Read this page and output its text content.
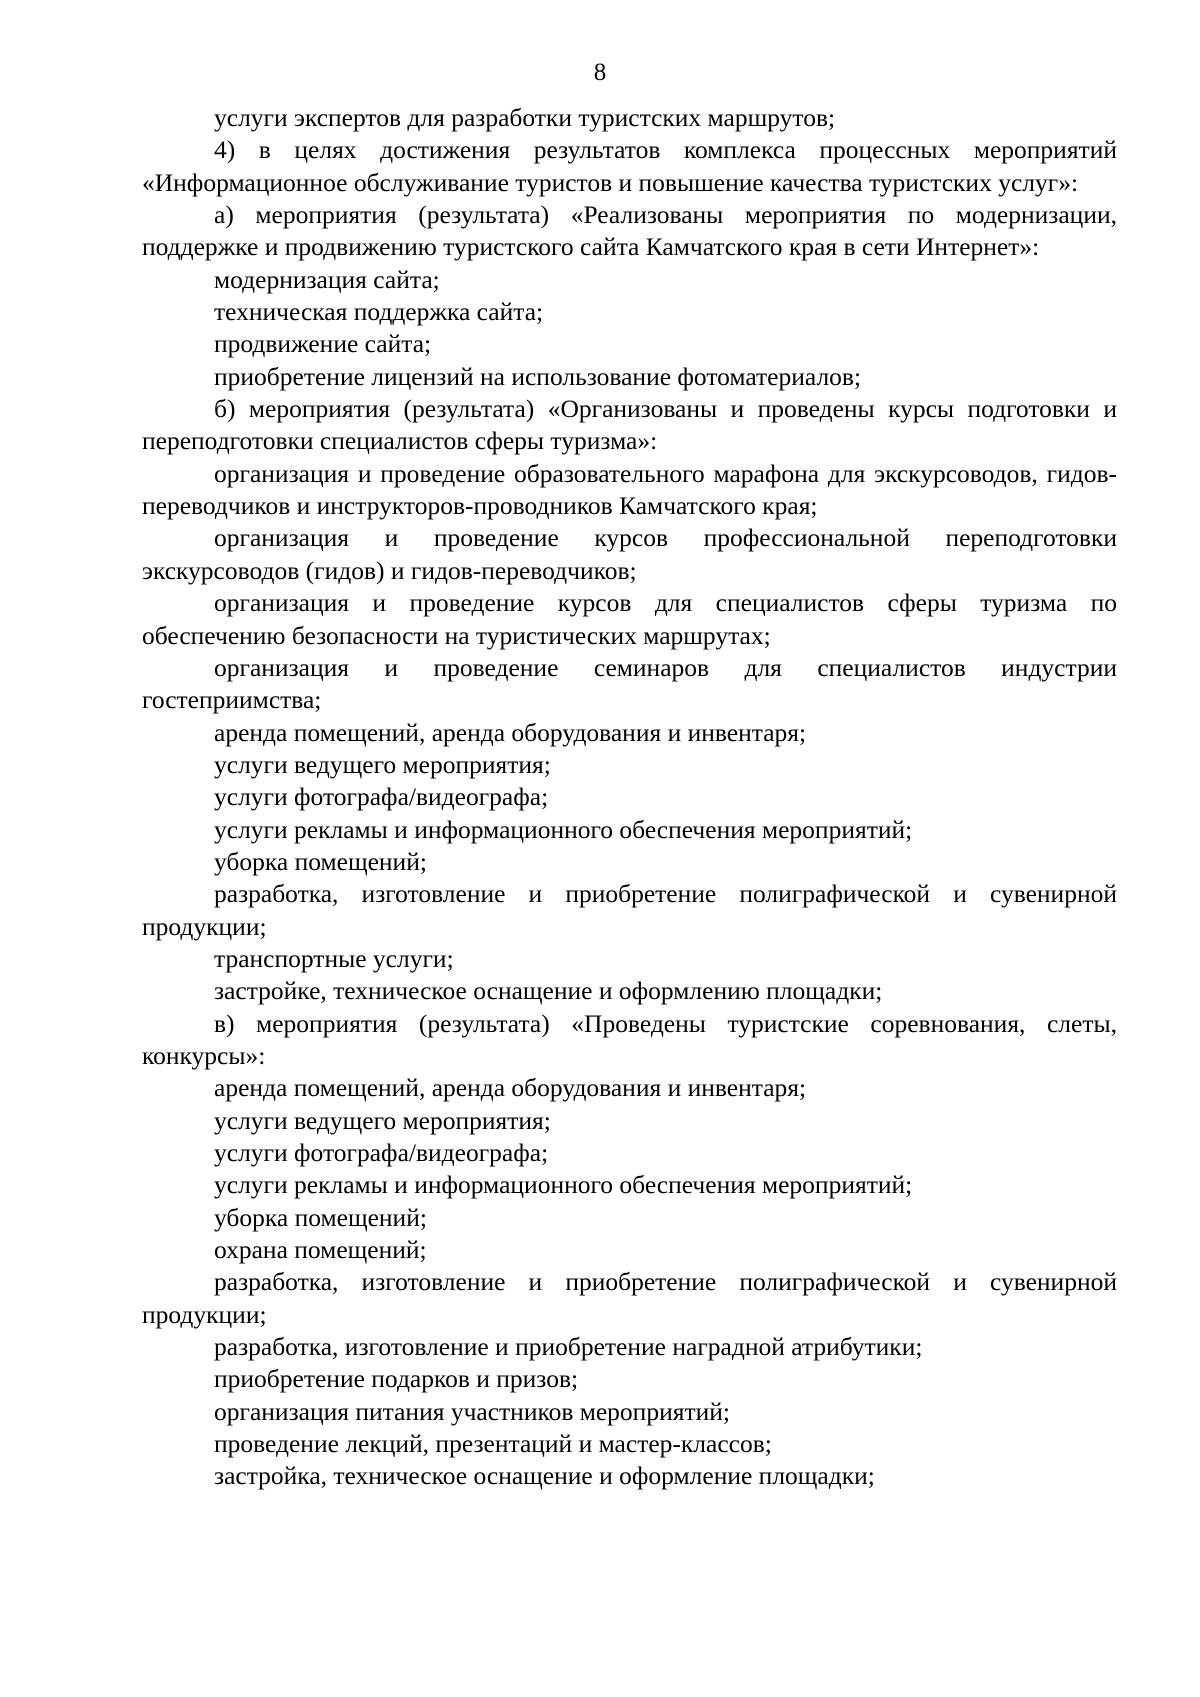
8

услуги экспертов для разработки туристских маршрутов;

4) в целях достижения результатов комплекса процессных мероприятий «Информационное обслуживание туристов и повышение качества туристских услуг»:

а) мероприятия (результата) «Реализованы мероприятия по модернизации, поддержке и продвижению туристского сайта Камчатского края в сети Интернет»:

модернизация сайта;

техническая поддержка сайта;

продвижение сайта;

приобретение лицензий на использование фотоматериалов;

б) мероприятия (результата) «Организованы и проведены курсы подготовки и переподготовки специалистов сферы туризма»:

организация и проведение образовательного марафона для экскурсоводов, гидов-переводчиков и инструкторов-проводников Камчатского края;

организация и проведение курсов профессиональной переподготовки экскурсоводов (гидов) и гидов-переводчиков;

организация и проведение курсов для специалистов сферы туризма по обеспечению безопасности на туристических маршрутах;

организация и проведение семинаров для специалистов индустрии гостеприимства;

аренда помещений, аренда оборудования и инвентаря;

услуги ведущего мероприятия;

услуги фотографа/видеографа;

услуги рекламы и информационного обеспечения мероприятий;

уборка помещений;

разработка, изготовление и приобретение полиграфической и сувенирной продукции;

транспортные услуги;

застройке, техническое оснащение и оформлению площадки;

в) мероприятия (результата) «Проведены туристские соревнования, слеты, конкурсы»:

аренда помещений, аренда оборудования и инвентаря;

услуги ведущего мероприятия;

услуги фотографа/видеографа;

услуги рекламы и информационного обеспечения мероприятий;

уборка помещений;

охрана помещений;

разработка, изготовление и приобретение полиграфической и сувенирной продукции;

разработка, изготовление и приобретение наградной атрибутики;

приобретение подарков и призов;

организация питания участников мероприятий;

проведение лекций, презентаций и мастер-классов;

застройка, техническое оснащение и оформление площадки;
